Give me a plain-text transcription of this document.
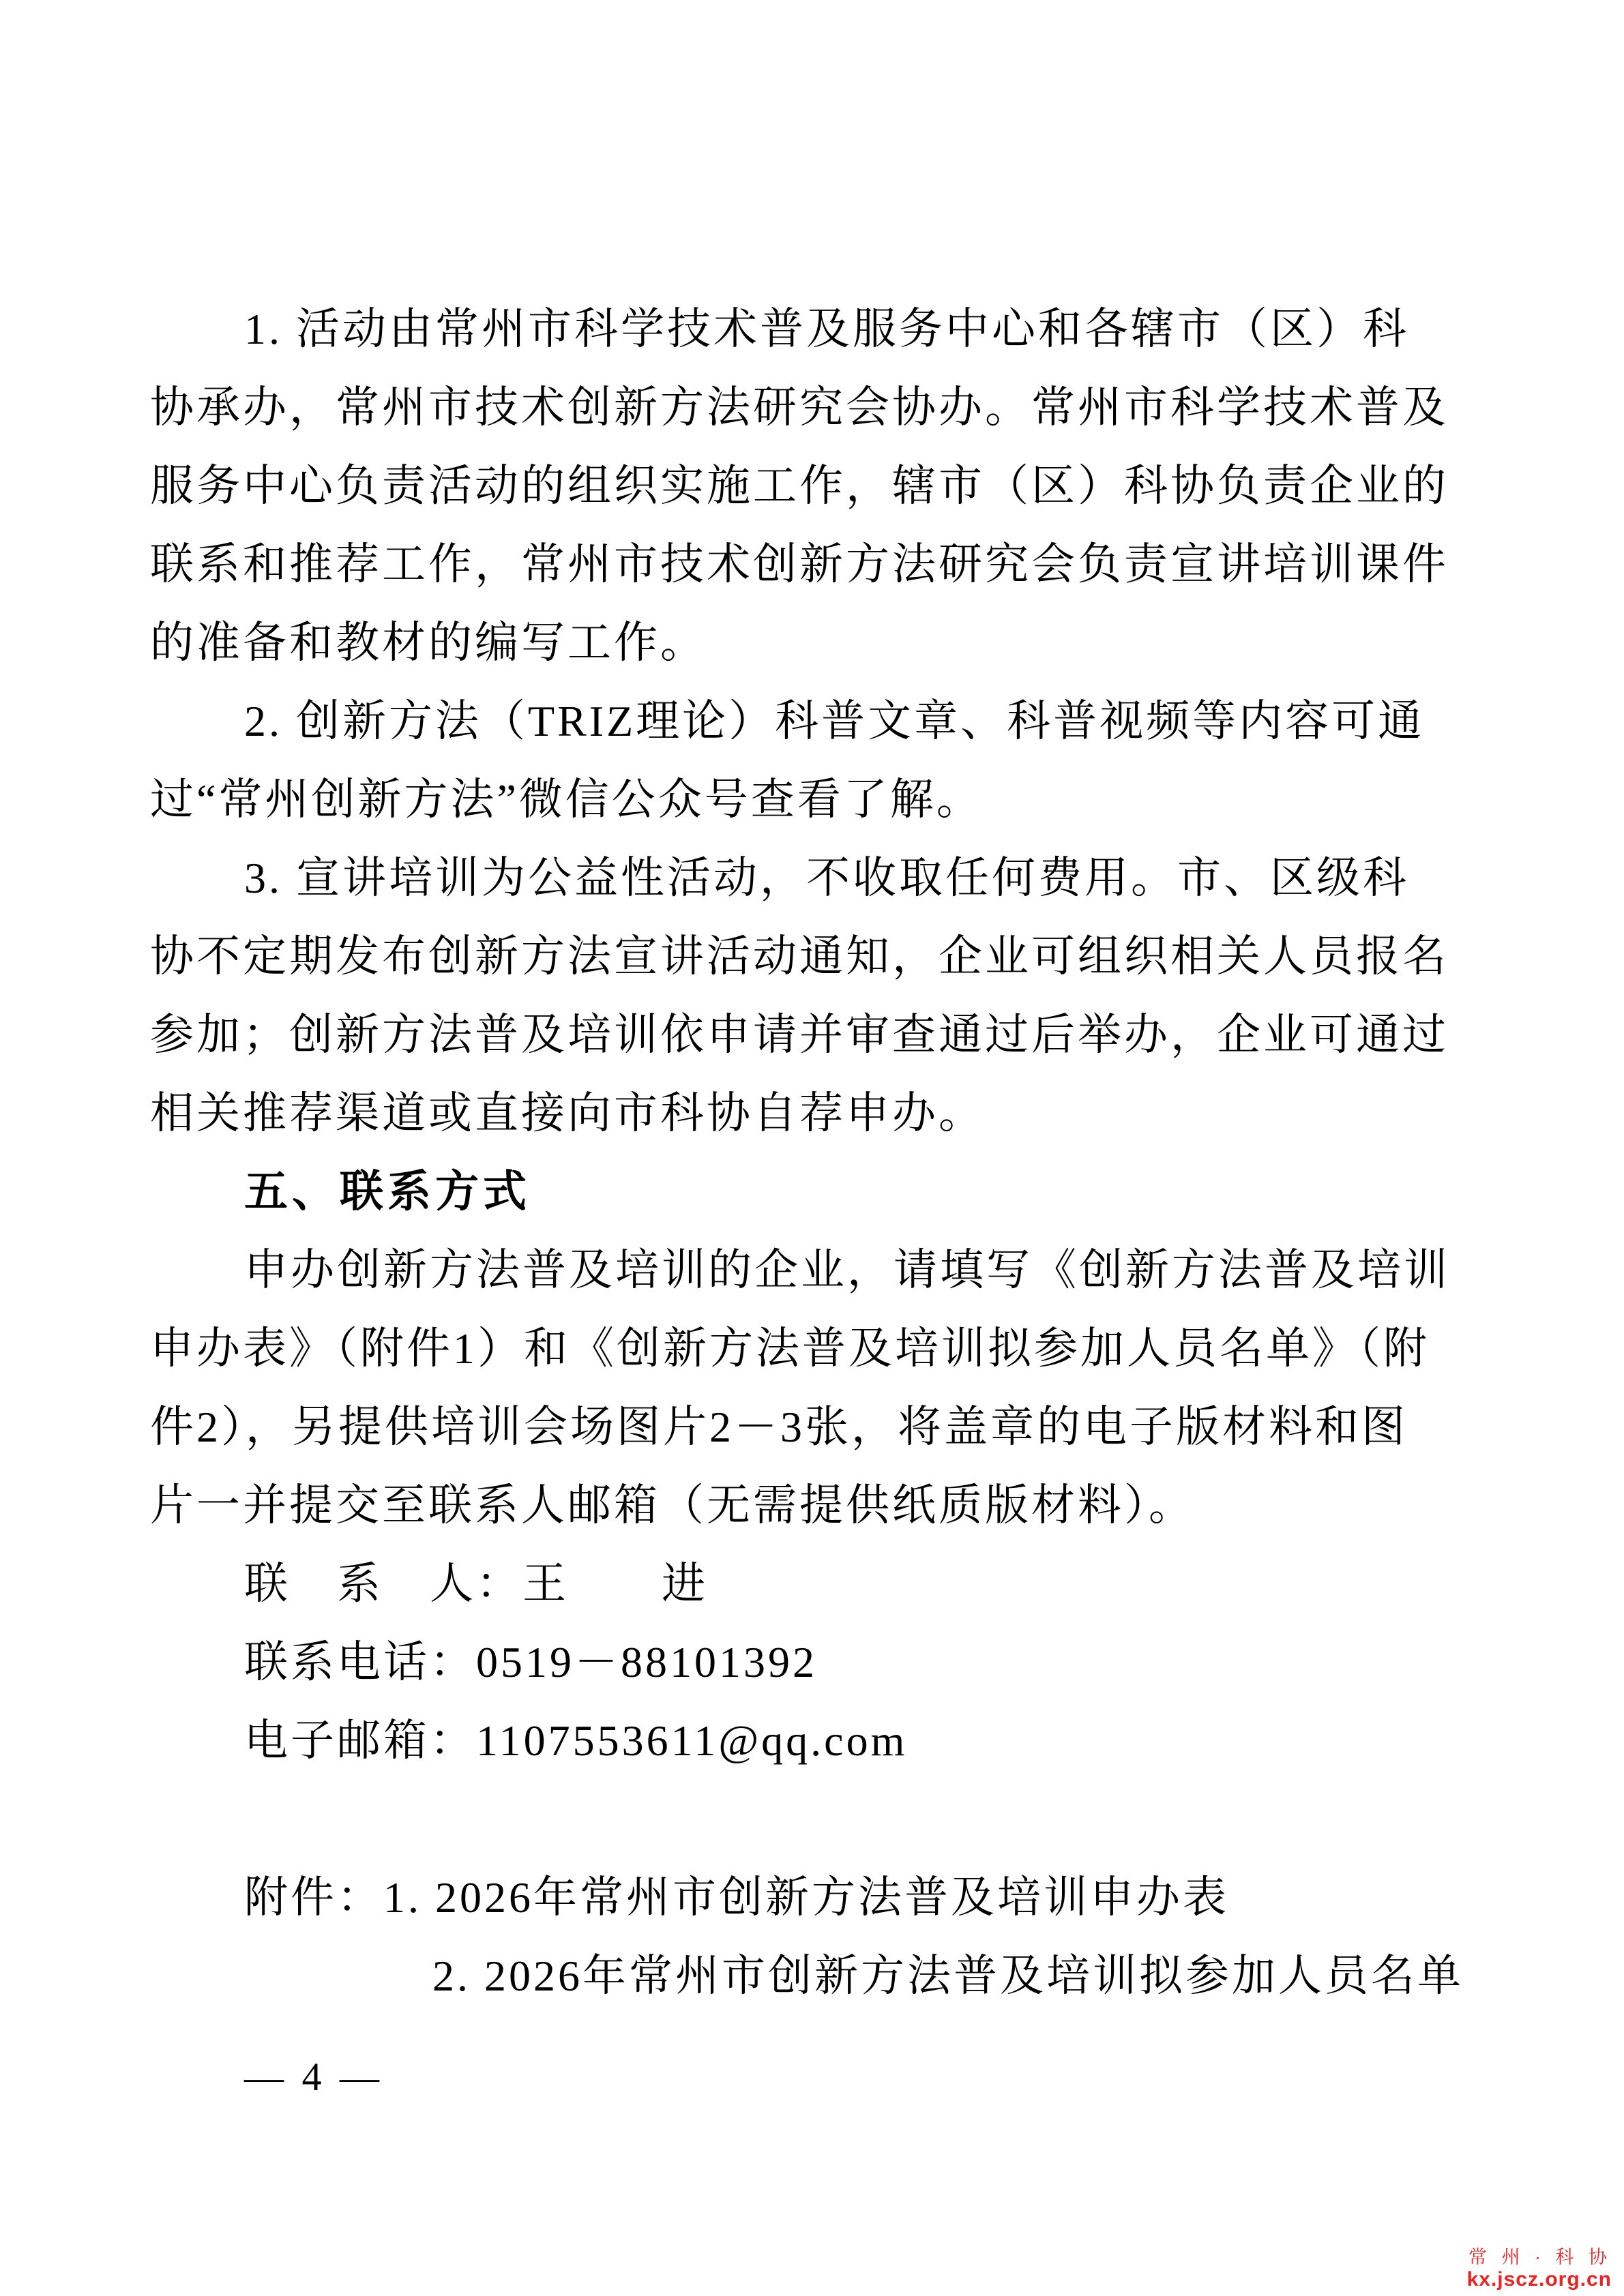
1. 活动由常州市科学技术普及服务中心和各辖市（区）科
协承办，常州市技术创新方法研究会协办。常州市科学技术普及
服务中心负责活动的组织实施工作，辖市（区）科协负责企业的
联系和推荐工作，常州市技术创新方法研究会负责宣讲培训课件
的准备和教材的编写工作。
2. 创新方法（TRIZ理论）科普文章、科普视频等内容可通
过“常州创新方法”微信公众号查看了解。
3. 宣讲培训为公益性活动，不收取任何费用。市、区级科
协不定期发布创新方法宣讲活动通知，企业可组织相关人员报名
参加；创新方法普及培训依申请并审查通过后举办，企业可通过
相关推荐渠道或直接向市科协自荐申办。
五、联系方式
申办创新方法普及培训的企业，请填写《创新方法普及培训
申办表》（附件1）和《创新方法普及培训拟参加人员名单》（附
件2），另提供培训会场图片2－3张，将盖章的电子版材料和图
片一并提交至联系人邮箱（无需提供纸质版材料）。
联　系　人：王　　进
联系电话：0519－88101392
电子邮箱：1107553611@qq.com
附件：1. 2026年常州市创新方法普及培训申办表
2. 2026年常州市创新方法普及培训拟参加人员名单
— 4 —
常 州 · 科 协
kx.jscz.org.cn
